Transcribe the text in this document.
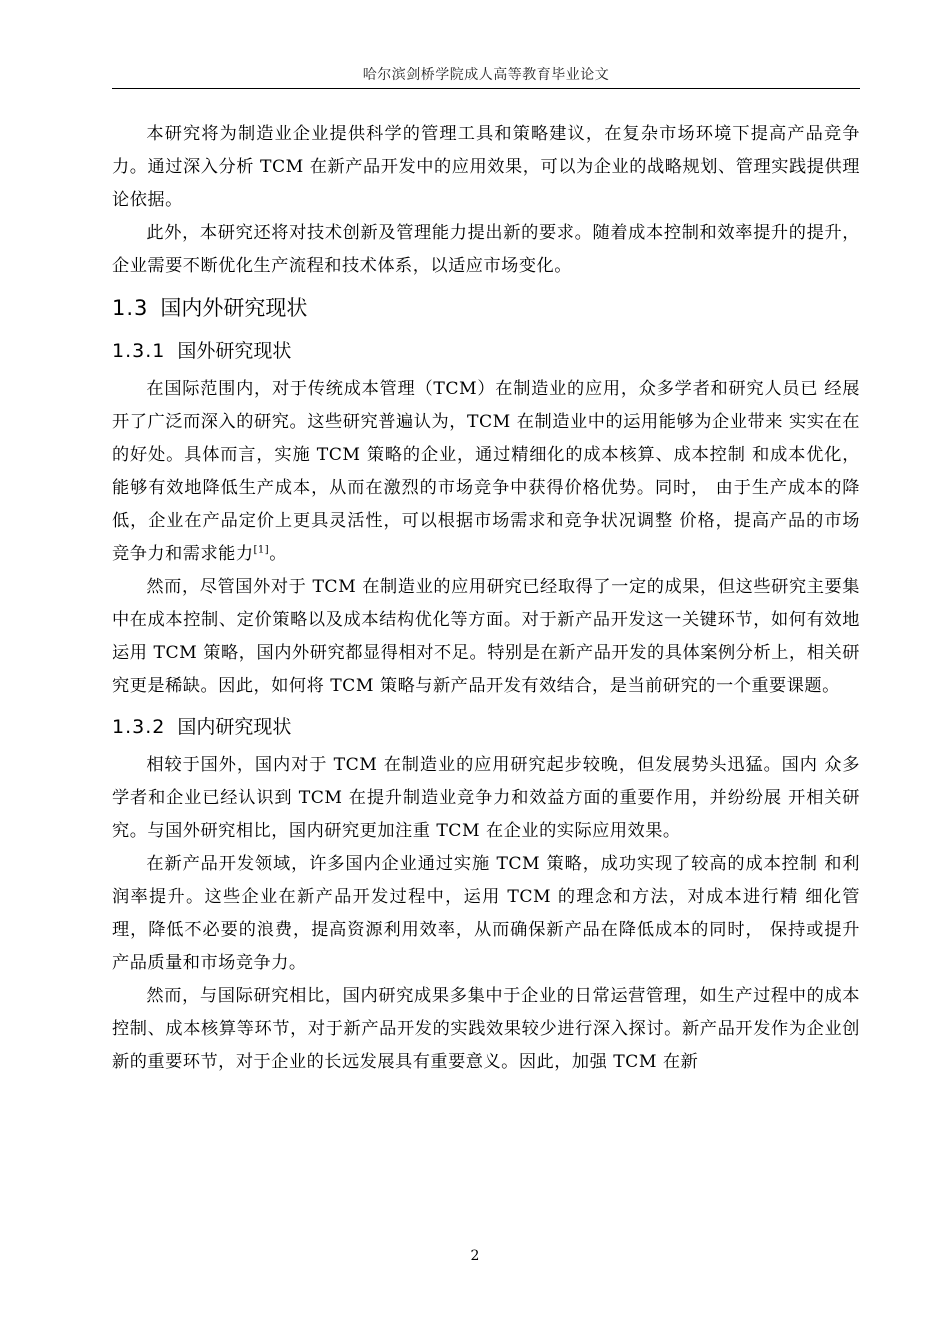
哈尔滨剑桥学院成人高等教育毕业论文

本研究将为制造业企业提供科学的管理工具和策略建议，在复杂市场环境下提高产品竞争力。通过深入分析 TCM 在新产品开发中的应用效果，可以为企业的战略规划、管理实践提供理论依据。

此外，本研究还将对技术创新及管理能力提出新的要求。随着成本控制和效率提升的提升，企业需要不断优化生产流程和技术体系，以适应市场变化。

1.3 国内外研究现状
1.3.1 国外研究现状

在国际范围内，对于传统成本管理（TCM）在制造业的应用，众多学者和研究人员已 经展开了广泛而深入的研究。这些研究普遍认为，TCM 在制造业中的运用能够为企业带来 实实在在的好处。具体而言，实施 TCM 策略的企业，通过精细化的成本核算、成本控制 和成本优化，能够有效地降低生产成本，从而在激烈的市场竞争中获得价格优势。同时， 由于生产成本的降低，企业在产品定价上更具灵活性，可以根据市场需求和竞争状况调整 价格，提高产品的市场竞争力和需求能力[1]。

然而，尽管国外对于 TCM 在制造业的应用研究已经取得了一定的成果，但这些研究主要集中在成本控制、定价策略以及成本结构优化等方面。对于新产品开发这一关键环节，如何有效地运用 TCM 策略，国内外研究都显得相对不足。特别是在新产品开发的具体案例分析上，相关研究更是稀缺。因此，如何将 TCM 策略与新产品开发有效结合，是当前研究的一个重要课题。

1.3.2 国内研究现状

相较于国外，国内对于 TCM 在制造业的应用研究起步较晚，但发展势头迅猛。国内 众多学者和企业已经认识到 TCM 在提升制造业竞争力和效益方面的重要作用，并纷纷展 开相关研究。与国外研究相比，国内研究更加注重 TCM 在企业的实际应用效果。

在新产品开发领域，许多国内企业通过实施 TCM 策略，成功实现了较高的成本控制 和利润率提升。这些企业在新产品开发过程中，运用 TCM 的理念和方法，对成本进行精 细化管理，降低不必要的浪费，提高资源利用效率，从而确保新产品在降低成本的同时， 保持或提升产品质量和市场竞争力。

然而，与国际研究相比，国内研究成果多集中于企业的日常运营管理，如生产过程中的成本控制、成本核算等环节，对于新产品开发的实践效果较少进行深入探讨。新产品开发作为企业创新的重要环节，对于企业的长远发展具有重要意义。因此，加强 TCM 在新

2
